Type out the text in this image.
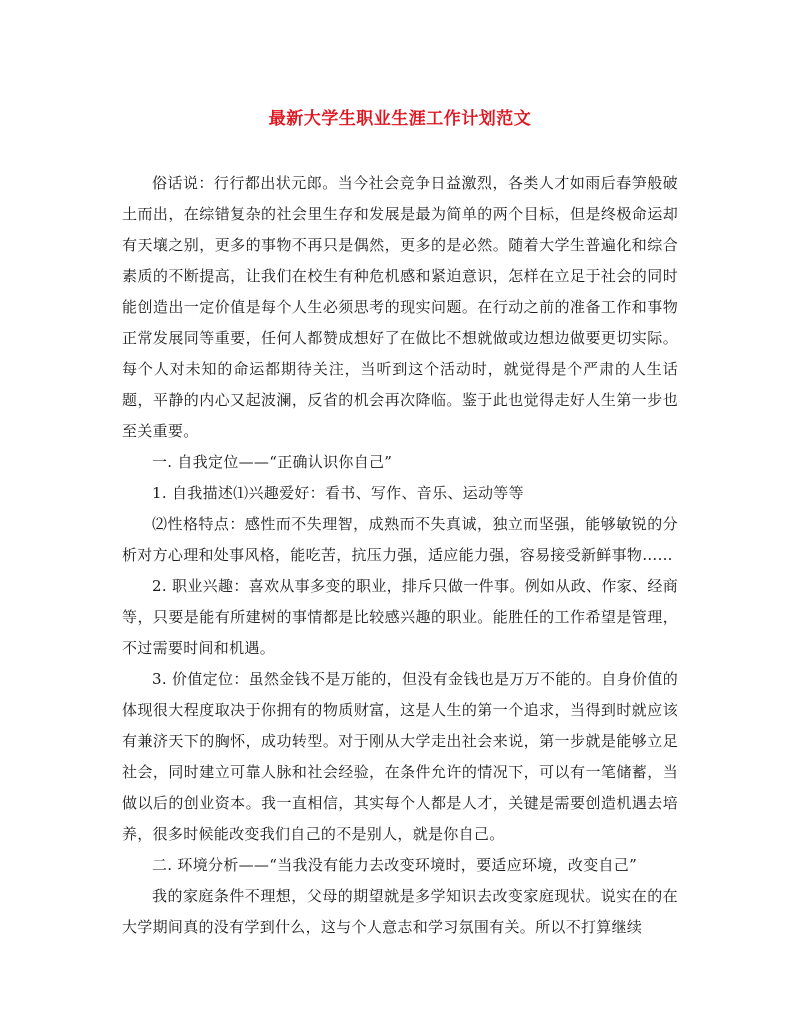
最新大学生职业生涯工作计划范文

俗话说：行行都出状元郎。当今社会竞争日益激烈，各类人才如雨后春笋般破土而出，在综错复杂的社会里生存和发展是最为简单的两个目标，但是终极命运却有天壤之别，更多的事物不再只是偶然，更多的是必然。随着大学生普遍化和综合素质的不断提高，让我们在校生有种危机感和紧迫意识，怎样在立足于社会的同时能创造出一定价值是每个人生必须思考的现实问题。在行动之前的准备工作和事物正常发展同等重要，任何人都赞成想好了在做比不想就做或边想边做要更切实际。每个人对未知的命运都期待关注，当听到这个活动时，就觉得是个严肃的人生话题，平静的内心又起波澜，反省的机会再次降临。鉴于此也觉得走好人生第一步也至关重要。

一. 自我定位——“正确认识你自己”

1. 自我描述⑴兴趣爱好：看书、写作、音乐、运动等等

⑵性格特点：感性而不失理智，成熟而不失真诚，独立而坚强，能够敏锐的分析对方心理和处事风格，能吃苦，抗压力强，适应能力强，容易接受新鲜事物……

2. 职业兴趣：喜欢从事多变的职业，排斥只做一件事。例如从政、作家、经商等，只要是能有所建树的事情都是比较感兴趣的职业。能胜任的工作希望是管理，不过需要时间和机遇。

3. 价值定位：虽然金钱不是万能的，但没有金钱也是万万不能的。自身价值的体现很大程度取决于你拥有的物质财富，这是人生的第一个追求，当得到时就应该有兼济天下的胸怀，成功转型。对于刚从大学走出社会来说，第一步就是能够立足社会，同时建立可靠人脉和社会经验，在条件允许的情况下，可以有一笔储蓄，当做以后的创业资本。我一直相信，其实每个人都是人才，关键是需要创造机遇去培养，很多时候能改变我们自己的不是别人，就是你自己。

二. 环境分析——“当我没有能力去改变环境时，要适应环境，改变自己”

我的家庭条件不理想，父母的期望就是多学知识去改变家庭现状。说实在的在大学期间真的没有学到什么，这与个人意志和学习氛围有关。所以不打算继续
